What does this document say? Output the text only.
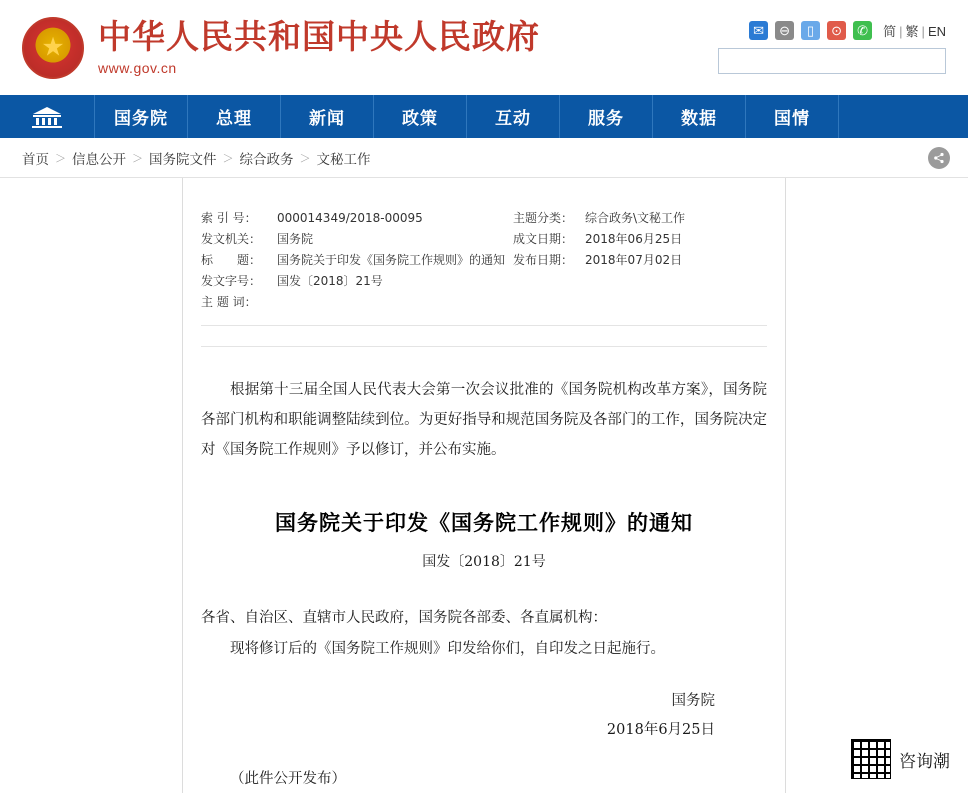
★
中华人民共和国中央人民政府
www.gov.cn
✉	⊖	▯	⊙	✆	简 | 繁 | EN
国务院	总理	新闻	政策	互动	服务	数据	国情
首页 ＞ 信息公开 ＞ 国务院文件 ＞ 综合政务 ＞ 文秘工作
索 引 号：	000014349/2018-00095
发文机关：	国务院
标　　题：	国务院关于印发《国务院工作规则》的通知
发文字号：	国发〔2018〕21号
主 题 词：
主题分类： 综合政务\文秘工作
成文日期： 2018年06月25日
发布日期： 2018年07月02日

根据第十三届全国人民代表大会第一次会议批准的《国务院机构改革方案》，国务院各部门机构和职能调整陆续到位。为更好指导和规范国务院及各部门的工作，国务院决定对《国务院工作规则》予以修订，并公布实施。

国务院关于印发《国务院工作规则》的通知
国发〔2018〕21号

各省、自治区、直辖市人民政府，国务院各部委、各直属机构：

现将修订后的《国务院工作规则》印发给你们，自印发之日起施行。

国务院
2018年6月25日

（此件公开发布）

咨询潮
